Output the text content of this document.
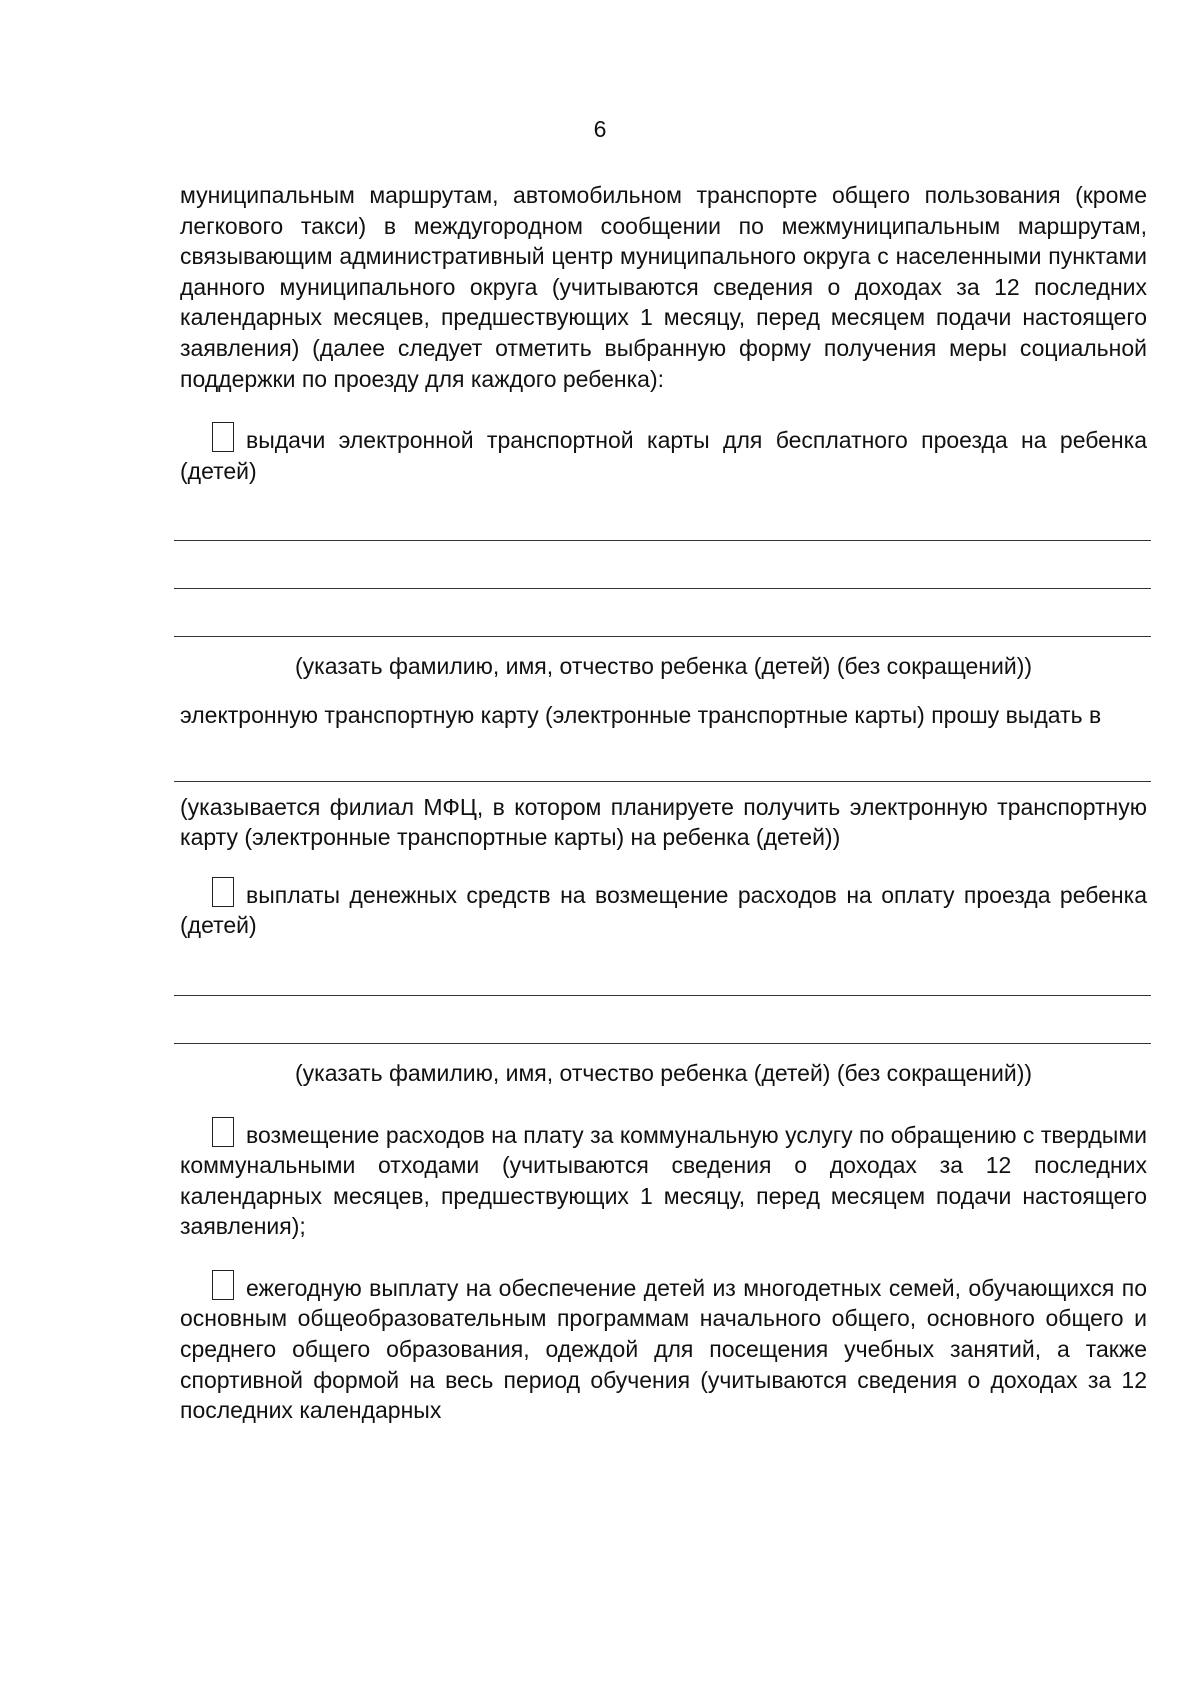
6

муниципальным маршрутам, автомобильном транспорте общего пользования (кроме легкового такси) в междугородном сообщении по межмуниципальным маршрутам, связывающим административный центр муниципального округа с населенными пунктами данного муниципального округа (учитываются сведения о доходах за 12 последних календарных месяцев, предшествующих 1 месяцу, перед месяцем подачи настоящего заявления) (далее следует отметить выбранную форму получения меры социальной поддержки по проезду для каждого ребенка):

выдачи электронной транспортной карты для бесплатного проезда на ребенка (детей)

(указать фамилию, имя, отчество ребенка (детей) (без сокращений))

электронную транспортную карту (электронные транспортные карты) прошу выдать в

(указывается филиал МФЦ, в котором планируете получить электронную транспортную карту (электронные транспортные карты) на ребенка (детей))

выплаты денежных средств на возмещение расходов на оплату проезда ребенка (детей)

(указать фамилию, имя, отчество ребенка (детей) (без сокращений))

возмещение расходов на плату за коммунальную услугу по обращению с твердыми коммунальными отходами (учитываются сведения о доходах за 12 последних календарных месяцев, предшествующих 1 месяцу, перед месяцем подачи настоящего заявления);

ежегодную выплату на обеспечение детей из многодетных семей, обучающихся по основным общеобразовательным программам начального общего, основного общего и среднего общего образования, одеждой для посещения учебных занятий, а также спортивной формой на весь период обучения (учитываются сведения о доходах за 12 последних календарных
